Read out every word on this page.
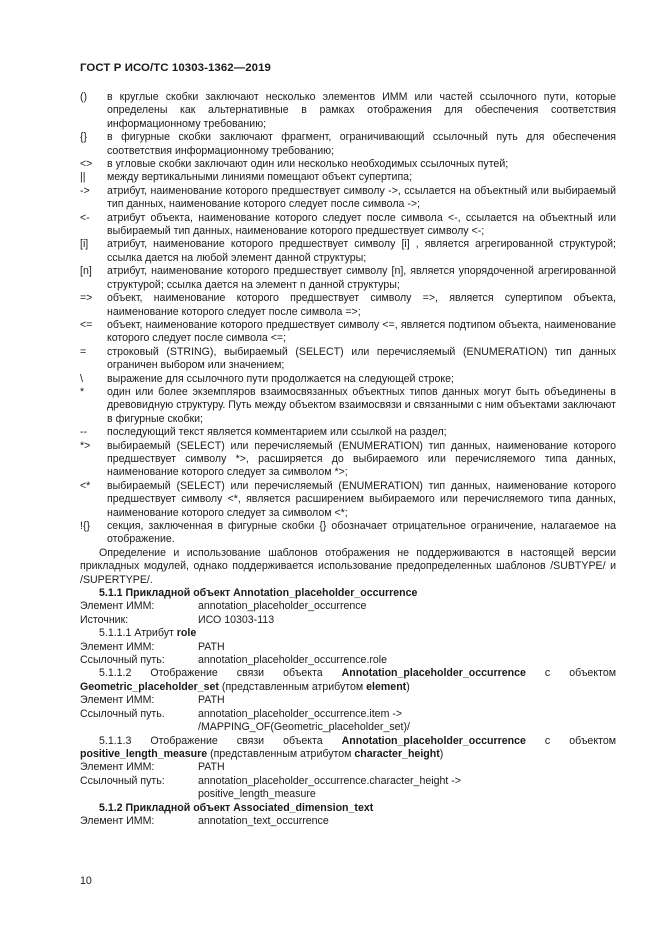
ГОСТ Р ИСО/ТС 10303-1362—2019
()	в круглые скобки заключают несколько элементов ИММ или частей ссылочного пути, которые определены как альтернативные в рамках отображения для обеспечения соответствия информационному требованию;
{}	в фигурные скобки заключают фрагмент, ограничивающий ссылочный путь для обеспечения соответствия информационному требованию;
<>	в угловые скобки заключают один или несколько необходимых ссылочных путей;
||	между вертикальными линиями помещают объект супертипа;
->	атрибут, наименование которого предшествует символу ->, ссылается на объектный или выбираемый тип данных, наименование которого следует после символа ->;
<-	атрибут объекта, наименование которого следует после символа <-, ссылается на объектный или выбираемый тип данных, наименование которого предшествует символу <-;
[i]	атрибут, наименование которого предшествует символу [i] , является агрегированной структурой; ссылка дается на любой элемент данной структуры;
[n]	атрибут, наименование которого предшествует символу [n], является упорядоченной агрегированной структурой; ссылка дается на элемент n данной структуры;
=>	объект, наименование которого предшествует символу =>, является супертипом объекта, наименование которого следует после символа =>;
<=	объект, наименование которого предшествует символу <=, является подтипом объекта, наименование которого следует после символа <=;
=	строковый (STRING), выбираемый (SELECT) или перечисляемый (ENUMERATION) тип данных ограничен выбором или значением;
\	выражение для ссылочного пути продолжается на следующей строке;
*	один или более экземпляров взаимосвязанных объектных типов данных могут быть объединены в древовидную структуру. Путь между объектом взаимосвязи и связанными с ним объектами заключают в фигурные скобки;
--	последующий текст является комментарием или ссылкой на раздел;
*>	выбираемый (SELECT) или перечисляемый (ENUMERATION) тип данных, наименование которого предшествует символу *>, расширяется до выбираемого или перечисляемого типа данных, наименование которого следует за символом *>;
<*	выбираемый (SELECT) или перечисляемый (ENUMERATION) тип данных, наименование которого предшествует символу <*, является расширением выбираемого или перечисляемого типа данных, наименование которого следует за символом <*;
!{}	секция, заключенная в фигурные скобки {} обозначает отрицательное ограничение, налагаемое на отображение.
Определение и использование шаблонов отображения не поддерживаются в настоящей версии прикладных модулей, однако поддерживается использование предопределенных шаблонов /SUBTYPE/ и /SUPERTYPE/.
5.1.1 Прикладной объект Annotation_placeholder_occurrence
Элемент ИММ:	annotation_placeholder_occurrence
Источник:	ИСО 10303-113
5.1.1.1 Атрибут role
Элемент ИММ:	PATH
Ссылочный путь:	annotation_placeholder_occurrence.role
5.1.1.2 Отображение связи объекта Annotation_placeholder_occurrence с объектом Geometric_placeholder_set (представленным атрибутом element)
Элемент ИММ:	PATH
Ссылочный путь.	annotation_placeholder_occurrence.item ->
/MAPPING_OF(Geometric_placeholder_set)/
5.1.1.3 Отображение связи объекта Annotation_placeholder_occurrence с объектом positive_length_measure (представленным атрибутом character_height)
Элемент ИММ:	PATH
Ссылочный путь:	annotation_placeholder_occurrence.character_height ->
positive_length_measure
5.1.2 Прикладной объект Associated_dimension_text
Элемент ИММ:	annotation_text_occurrence
10
